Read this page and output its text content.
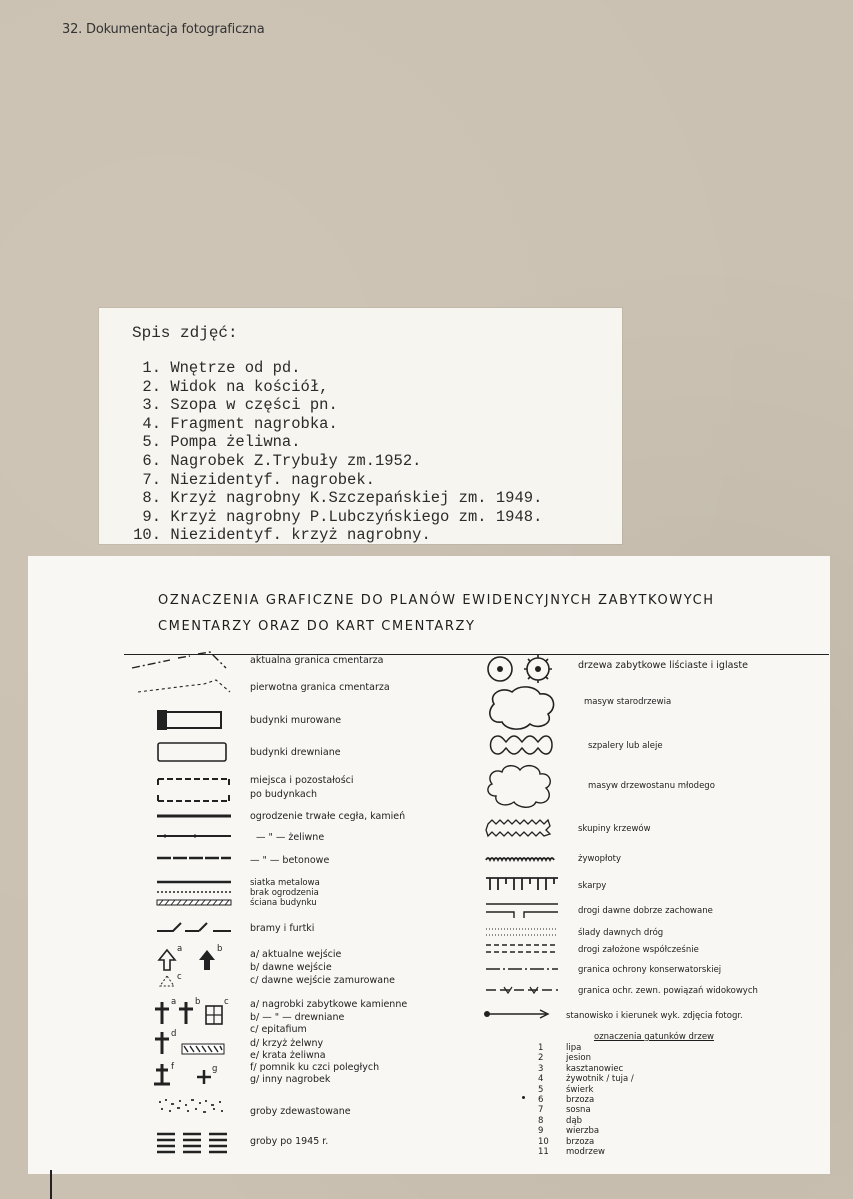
32. Dokumentacja fotograficzna
Spis zdjęć:
1. Wnętrze od pd.
2. Widok na kościół,
3. Szopa w części pn.
4. Fragment nagrobka.
5. Pompa żeliwna.
6. Nagrobek Z.Trybuły zm.1952.
7. Niezidentyf. nagrobek.
8. Krzyż nagrobny K.Szczepańskiej zm. 1949.
9. Krzyż nagrobny P.Lubczyńskiego zm. 1948.
10. Niezidentyf. krzyż nagrobny.
OZNACZENIA GRAFICZNE DO PLANÓW EWIDENCYJNYCH ZABYTKOWYCH
CMENTARZY ORAZ DO KART CMENTARZY
aktualna granica cmentarza
pierwotna granica cmentarza
budynki murowane
budynki drewniane
miejsca i pozostałości
po budynkach
ogrodzenie trwałe cegła, kamień
— " — żeliwne
— " — betonowe
siatka metalowa
brak ogrodzenia
ściana budynku
bramy i furtki
a	b
c
a/ aktualne wejście
b/ dawne wejście
c/ dawne wejście zamurowane
a b	c
d
f	g
a/ nagrobki zabytkowe kamienne
b/ — " — drewniane
c/ epitafium
d/ krzyż żelwny
e/ krata żeliwna
f/ pomnik ku czci poległych
g/ inny nagrobek
groby zdewastowane
groby po 1945 r.
drzewa zabytkowe liściaste i iglaste
masyw starodrzewia
szpalery lub aleje
masyw drzewostanu młodego
skupiny krzewów
żywopłoty
skarpy
drogi dawne dobrze zachowane
ślady dawnych dróg
drogi założone współcześnie
granica ochrony konserwatorskiej
granica ochr. zewn. powiązań widokowych
stanowisko i kierunek wyk. zdjęcia fotogr.
oznaczenia gatunków drzew
1	lipa
2	jesion
3	kasztanowiec
4	żywotnik / tuja /
5	świerk
6	brzoza
7	sosna
8	dąb
9	wierzba
10 brzoza
11 modrzew
